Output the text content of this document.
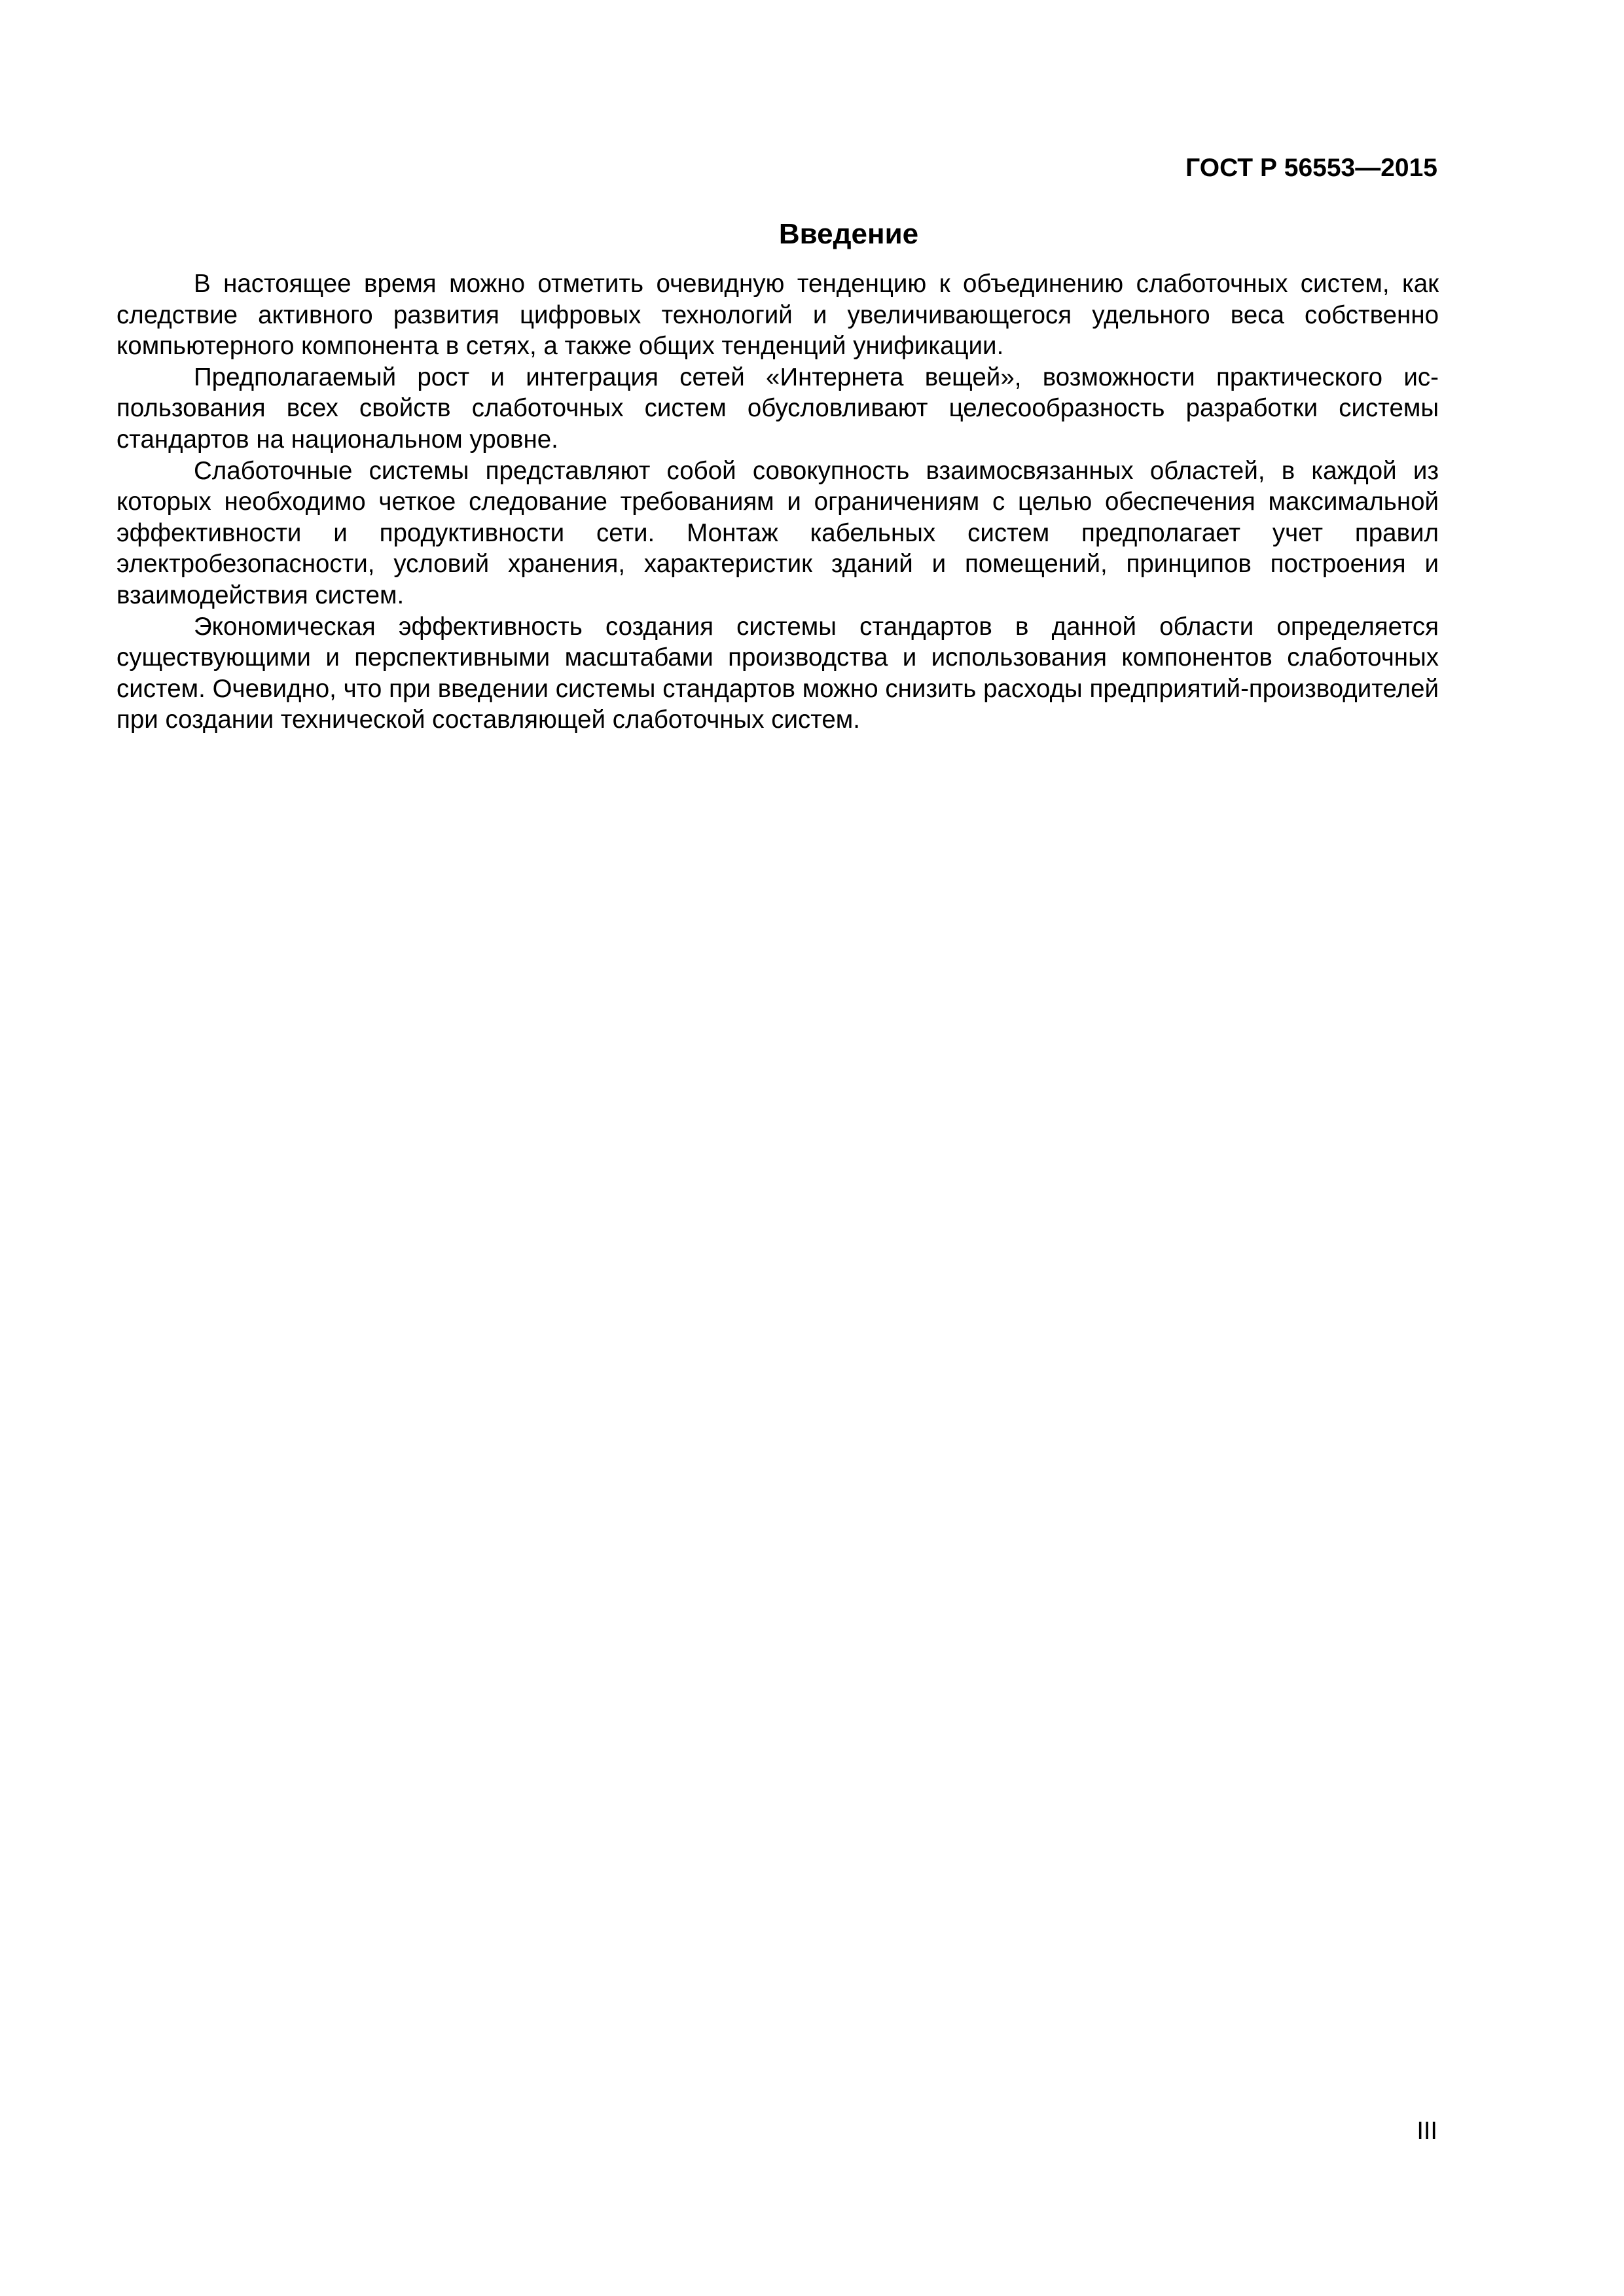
ГОСТ Р 56553—2015
Введение

В настоящее время можно отметить очевидную тенденцию к объединению слаботочных систем, как следствие активного развития цифровых технологий и увеличивающегося удельного веса собственно компьютерного компонента в сетях, а также общих тенденций унификации.

Предполагаемый рост и интеграция сетей «Интернета вещей», возможности практического использования всех свойств слаботочных систем обусловливают целесообразность разработки системы стандартов на национальном уровне.

Слаботочные системы представляют собой совокупность взаимосвязанных областей, в каждой из которых необходимо четкое следование требованиям и ограничениям с целью обеспечения максимальной эффективности и продуктивности сети. Монтаж кабельных систем предполагает учет правил электробезопасности, условий хранения, характеристик зданий и помещений, принципов построения и взаимодействия систем.

Экономическая эффективность создания системы стандартов в данной области определяется существующими и перспективными масштабами производства и использования компонентов слаботочных систем. Очевидно, что при введении системы стандартов можно снизить расходы предприятий-производителей при создании технической составляющей слаботочных систем.

III
